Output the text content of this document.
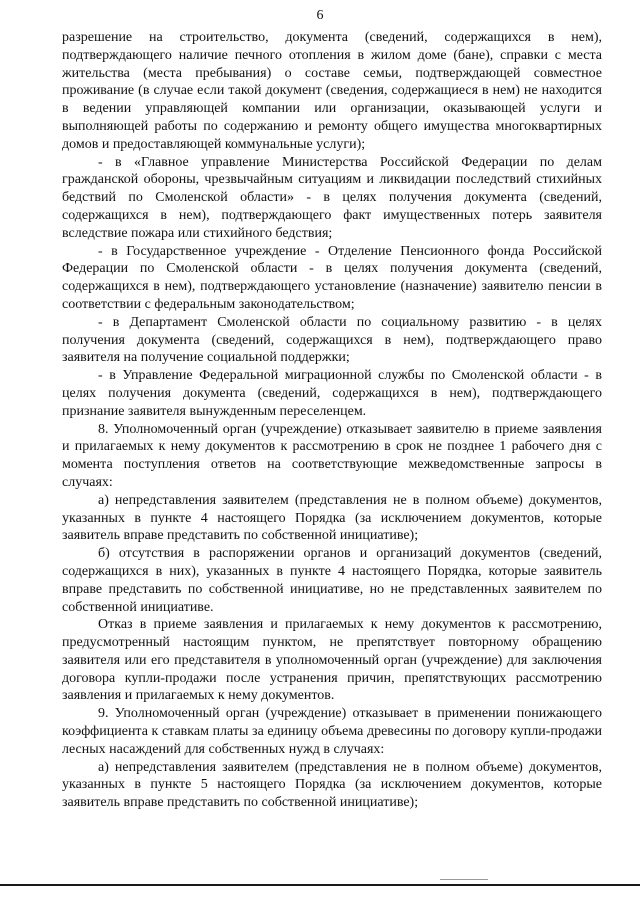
6

разрешение на строительство, документа (сведений, содержащихся в нем), подтверждающего наличие печного отопления в жилом доме (бане), справки с места жительства (места пребывания) о составе семьи, подтверждающей совместное проживание (в случае если такой документ (сведения, содержащиеся в нем) не находится в ведении управляющей компании или организации, оказывающей услуги и выполняющей работы по содержанию и ремонту общего имущества многоквартирных домов и предоставляющей коммунальные услуги);

- в «Главное управление Министерства Российской Федерации по делам гражданской обороны, чрезвычайным ситуациям и ликвидации последствий стихийных бедствий по Смоленской области» - в целях получения документа (сведений, содержащихся в нем), подтверждающего факт имущественных потерь заявителя вследствие пожара или стихийного бедствия;

- в Государственное учреждение - Отделение Пенсионного фонда Российской Федерации по Смоленской области - в целях получения документа (сведений, содержащихся в нем), подтверждающего установление (назначение) заявителю пенсии в соответствии с федеральным законодательством;

- в Департамент Смоленской области по социальному развитию - в целях получения документа (сведений, содержащихся в нем), подтверждающего право заявителя на получение социальной поддержки;

- в Управление Федеральной миграционной службы по Смоленской области - в целях получения документа (сведений, содержащихся в нем), подтверждающего признание заявителя вынужденным переселенцем.

8. Уполномоченный орган (учреждение) отказывает заявителю в приеме заявления и прилагаемых к нему документов к рассмотрению в срок не позднее 1 рабочего дня с момента поступления ответов на соответствующие межведомственные запросы в случаях:

а) непредставления заявителем (представления не в полном объеме) документов, указанных в пункте 4 настоящего Порядка (за исключением документов, которые заявитель вправе представить по собственной инициативе);

б) отсутствия в распоряжении органов и организаций документов (сведений, содержащихся в них), указанных в пункте 4 настоящего Порядка, которые заявитель вправе представить по собственной инициативе, но не представленных заявителем по собственной инициативе.

Отказ в приеме заявления и прилагаемых к нему документов к рассмотрению, предусмотренный настоящим пунктом, не препятствует повторному обращению заявителя или его представителя в уполномоченный орган (учреждение) для заключения договора купли-продажи после устранения причин, препятствующих рассмотрению заявления и прилагаемых к нему документов.

9. Уполномоченный орган (учреждение) отказывает в применении понижающего коэффициента к ставкам платы за единицу объема древесины по договору купли-продажи лесных насаждений для собственных нужд в случаях:

а) непредставления заявителем (представления не в полном объеме) документов, указанных в пункте 5 настоящего Порядка (за исключением документов, которые заявитель вправе представить по собственной инициативе);
